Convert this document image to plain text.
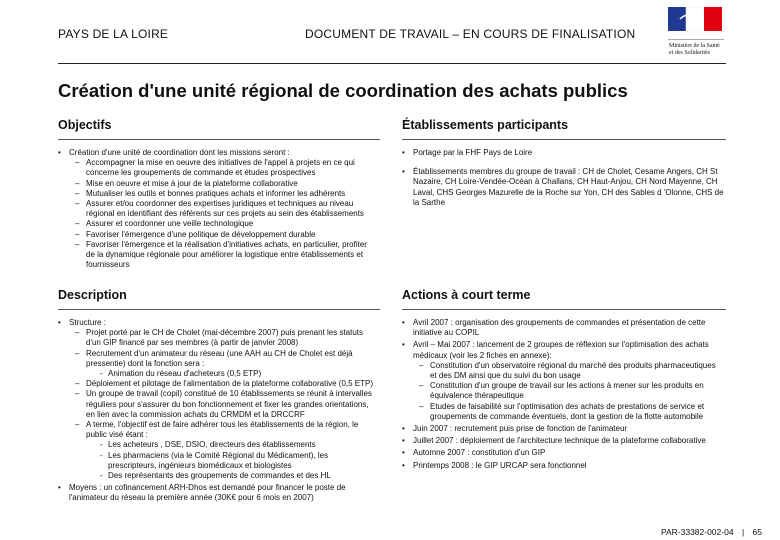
PAYS DE LA LOIRE	DOCUMENT DE TRAVAIL – EN COURS DE FINALISATION
Ministère de la Santé
et des Solidarités
Création d'une unité régional de coordination des achats publics
Objectifs
• Création d'une unité de coordination dont les missions seront :
– Accompagner la mise en oeuvre des initiatives de l'appel à projets en ce qui concerne les groupements de commande et études prospectives
– Mise en oeuvre et mise à jour de la plateforme collaborative
– Mutualiser les outils et bonnes pratiques achats et informer les adhérents
– Assurer et/ou coordonner des expertises juridiques et techniques au niveau régional en identifiant des référents sur ces projets au sein des établissements
– Assurer et coordonner une veille technologique
– Favoriser l'émergence d'une politique de développement durable
– Favoriser l'émergence et la réalisation d'initiatives achats, en particulier, profiter de la dynamique régionale pour améliorer la logistique entre établissements et fournisseurs
Établissements participants
• Portage par la FHF Pays de Loire
• Établissements membres du groupe de travail : CH de Cholet, Cesame Angers, CH St Nazaire, CH Loire-Vendée-Océan à Challans, CH Haut-Anjou, CH Nord Mayenne, CH Laval, CHS Georges Mazurelle de la Roche sur Yon, CH des Sables d 'Olonne, CHS de la Sarthe
Description
• Structure :
– Projet porté par le CH de Cholet (mai-décembre 2007) puis prenant les statuts d'un GIP financé par ses membres (à partir de janvier 2008)
– Recrutement d'un animateur du réseau (une AAH au CH de Cholet est déjà pressentie) dont la fonction sera :
- Animation du réseau d'acheteurs (0,5 ETP)
– Déploiement et pilotage de l'alimentation de la plateforme collaborative (0,5 ETP)
– Un groupe de travail (copil) constitué de 10 établissements se réunit à intervalles réguliers pour s'assurer du bon fonctionnement et fixer les grandes orientations, en lien avec la commission achats du CRMDM et la DRCCRF
– A terme, l'objectif est de faire adhérer tous les établissements de la région, le public visé étant :
- Les acheteurs , DSE, DSIO, directeurs des établissements
- Les pharmaciens (via le Comité Régional du Médicament), les prescripteurs, ingénieurs biomédicaux et biologistes
- Des représentants des groupements de commandes et des HL
• Moyens : un cofinancement ARH-Dhos est demandé pour financer le poste de l'animateur du réseau la première année (30K€ pour 6 mois en 2007)
Actions à court terme
• Avril 2007 : organisation des groupements de commandes et présentation de cette initiative au COPIL
• Avril – Mai 2007 : lancement de 2 groupes de réflexion sur l'optimisation des achats médicaux (voir les 2 fiches en annexe):
– Constitution d'un observatoire régional du marché des produits pharmaceutiques et des DM ainsi que du suivi du bon usage
– Constitution d'un groupe de travail sur les actions à mener sur les produits en équivalence thérapeutique
– Etudes de faisabilité sur l'optimisation des achats de prestations de service et groupements de commande éventuels, dont la gestion de la flotte automobile
• Juin 2007 : recrutement puis prise de fonction de l'animateur
• Juillet 2007 : déploiement de l'architecture technique de la plateforme collaborative
• Automne 2007 : constitution d'un GIP
• Printemps 2008 : le GIP URCAP sera fonctionnel
PAR-33382-002-04 | 65
